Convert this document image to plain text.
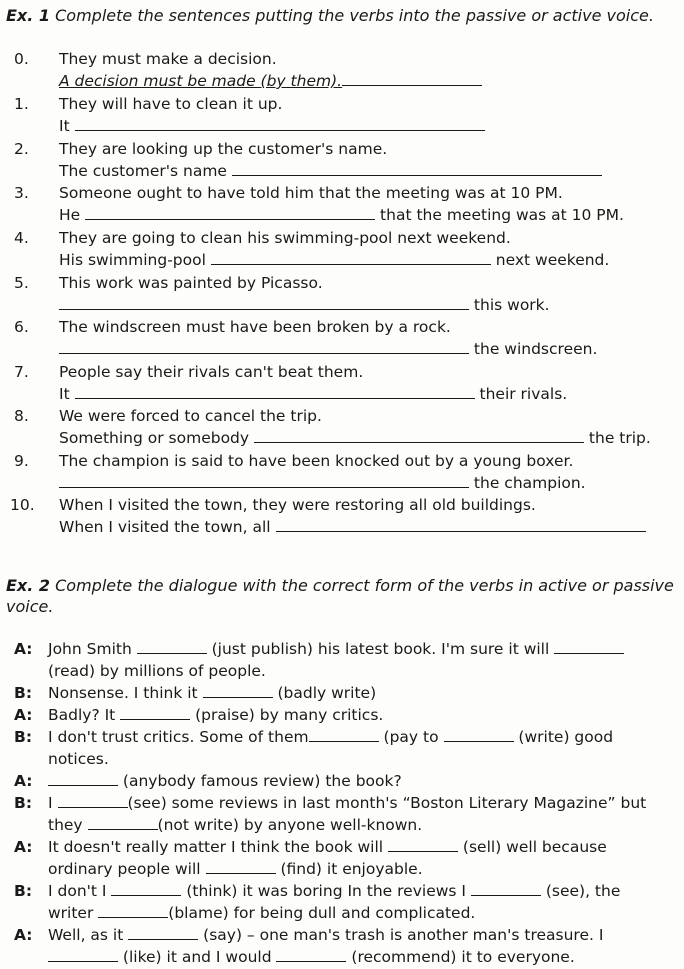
Ex. 1 Complete the sentences putting the verbs into the passive or active voice.
0.	They must make a decision.
A decision must be made (by them).
1.	They will have to clean it up.
It
2.	They are looking up the customer's name.
The customer's name
3.	Someone ought to have told him that the meeting was at 10 PM.
He	that the meeting was at 10 PM.
4.	They are going to clean his swimming-pool next weekend.
His swimming-pool	next weekend.
5.	This work was painted by Picasso.
this work.
6.	The windscreen must have been broken by a rock.
the windscreen.
7.	People say their rivals can't beat them.
It	their rivals.
8.	We were forced to cancel the trip.
Something or somebody	the trip.
9.	The champion is said to have been knocked out by a young boxer.
the champion.
10. When I visited the town, they were restoring all old buildings.
When I visited the town, all
Ex. 2 Complete the dialogue with the correct form of the verbs in active or passive
voice.
A: John Smith	(just publish) his latest book. I'm sure it will
(read) by millions of people.
B: Nonsense. I think it	(badly write)
A: Badly? It	(praise) by many critics.
B: I don't trust critics. Some of them	(pay to	(write) good
notices.
A:	(anybody famous review) the book?
B: I	(see) some reviews in last month's “Boston Literary Magazine” but
they	(not write) by anyone well-known.
A: It doesn't really matter I think the book will	(sell) well because
ordinary people will	(find) it enjoyable.
B: I don't I	(think) it was boring In the reviews I	(see), the
writer	(blame) for being dull and complicated.
A: Well, as it	(say) – one man's trash is another man's treasure. I
(like) it and I would	(recommend) it to everyone.
